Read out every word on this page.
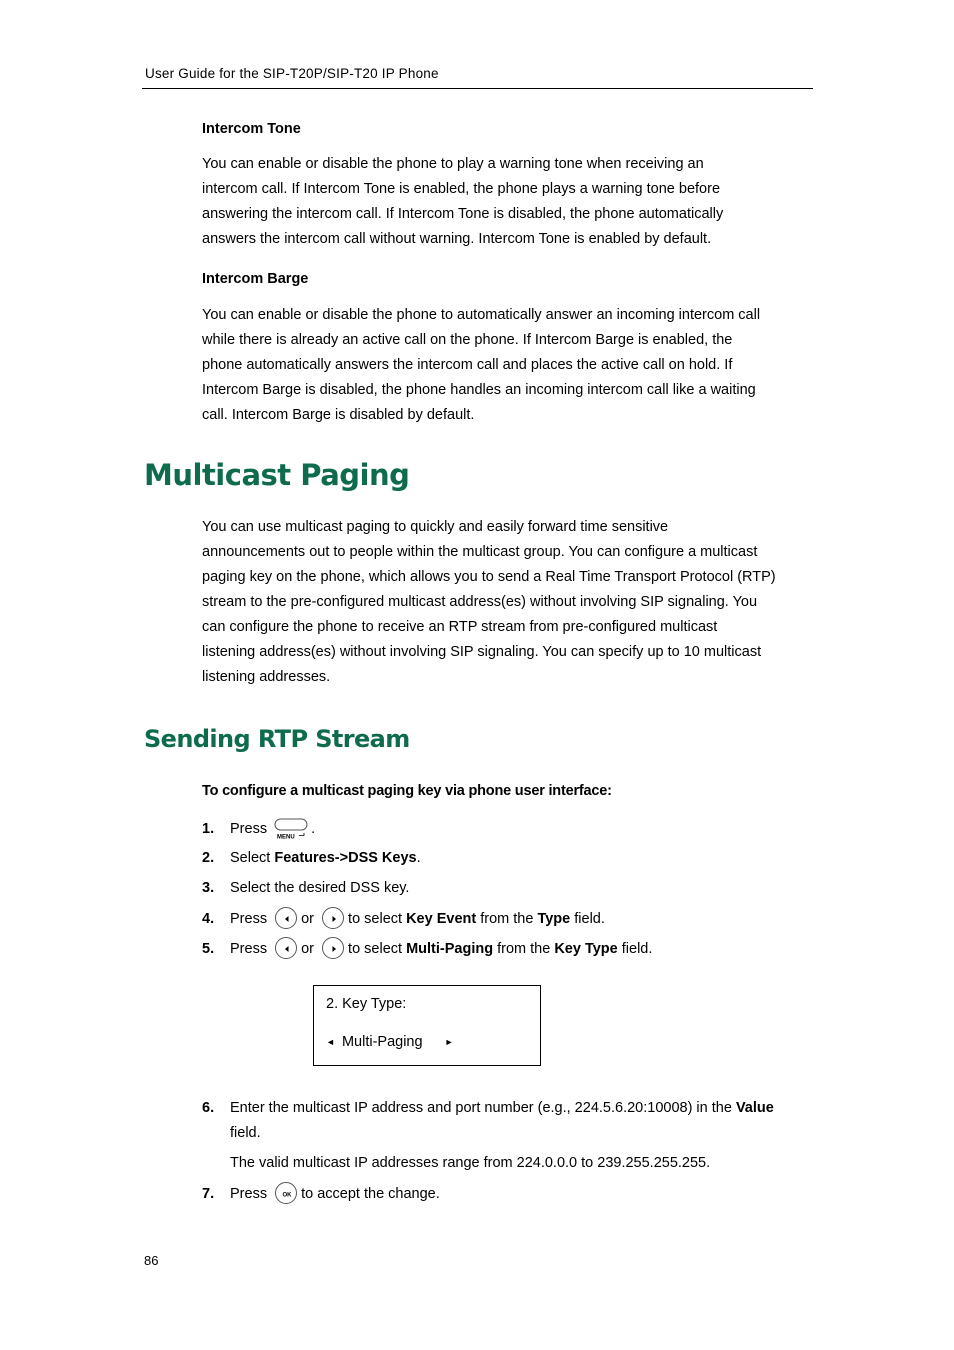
User Guide for the SIP-T20P/SIP-T20 IP Phone
Intercom Tone
You can enable or disable the phone to play a warning tone when receiving an
intercom call. If Intercom Tone is enabled, the phone plays a warning tone before
answering the intercom call. If Intercom Tone is disabled, the phone automatically
answers the intercom call without warning. Intercom Tone is enabled by default.
Intercom Barge
You can enable or disable the phone to automatically answer an incoming intercom call
while there is already an active call on the phone. If Intercom Barge is enabled, the
phone automatically answers the intercom call and places the active call on hold. If
Intercom Barge is disabled, the phone handles an incoming intercom call like a waiting
call. Intercom Barge is disabled by default.
Multicast Paging
You can use multicast paging to quickly and easily forward time sensitive
announcements out to people within the multicast group. You can configure a multicast
paging key on the phone, which allows you to send a Real Time Transport Protocol (RTP)
stream to the pre-configured multicast address(es) without involving SIP signaling. You
can configure the phone to receive an RTP stream from pre-configured multicast
listening address(es) without involving SIP signaling. You can specify up to 10 multicast
listening addresses.
Sending RTP Stream
To configure a multicast paging key via phone user interface:
1. Press
MENU
.
2. Select Features->DSS Keys.
3. Select the desired DSS key.
4. Press or to select Key Event from the Type field.
5. Press or to select Multi-Paging from the Key Type field.
2. Key Type:
◄ Multi-Paging ►
6. Enter the multicast IP address and port number (e.g., 224.5.6.20:10008) in the Value
field.
The valid multicast IP addresses range from 224.0.0.0 to 239.255.255.255.
7. Press	OK to accept the change.
86
